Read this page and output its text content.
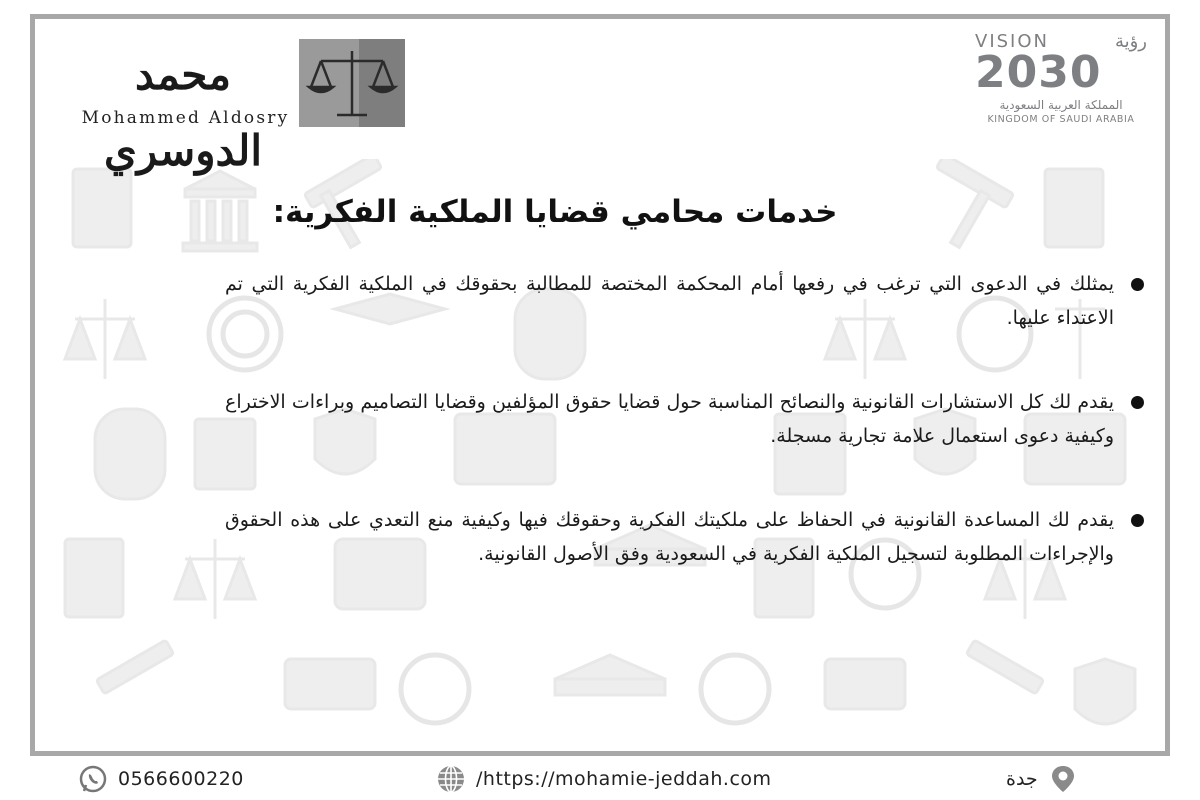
محمد الدوسري
Mohammed Aldosry
VISION	رؤية
2030
المملكة العربية السعودية
KINGDOM OF SAUDI ARABIA
خدمات محامي قضايا الملكية الفكرية:
يمثلك في الدعوى التي ترغب في رفعها أمام المحكمة المختصة للمطالبة بحقوقك في الملكية الفكرية التي تم الاعتداء عليها.
يقدم لك كل الاستشارات القانونية والنصائح المناسبة حول قضايا حقوق المؤلفين وقضايا التصاميم وبراءات الاختراع وكيفية دعوى استعمال علامة تجارية مسجلة.
يقدم لك المساعدة القانونية في الحفاظ على ملكيتك الفكرية وحقوقك فيها وكيفية منع التعدي على هذه الحقوق والإجراءات المطلوبة لتسجيل الملكية الفكرية في السعودية وفق الأصول القانونية.
0566600220	/https://mohamie-jeddah.com	جدة
